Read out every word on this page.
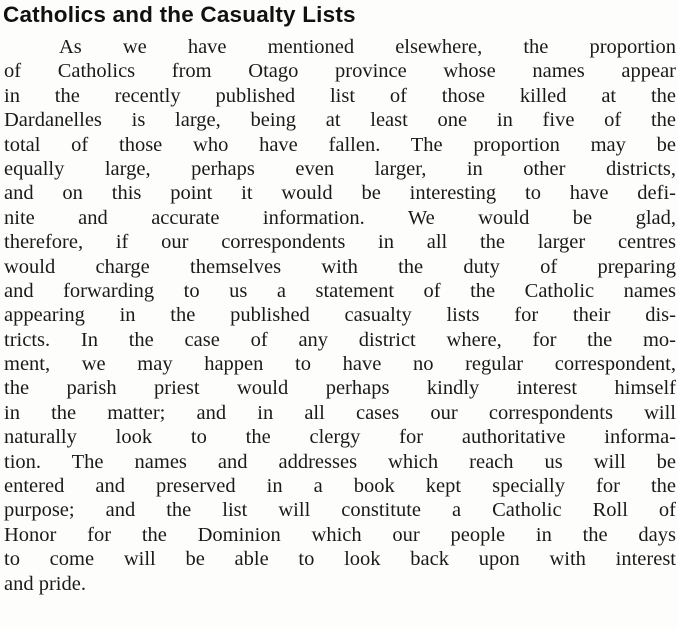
Catholics and the Casualty Lists
As we have mentioned elsewhere, the proportion
of Catholics from Otago province whose names appear
in the recently published list of those killed at the
Dardanelles is large, being at least one in five of the
total of those who have fallen. The proportion may be
equally large, perhaps even larger, in other districts,
and on this point it would be interesting to have defi-
nite and accurate information. We would be glad,
therefore, if our correspondents in all the larger centres
would charge themselves with the duty of preparing
and forwarding to us a statement of the Catholic names
appearing in the published casualty lists for their dis-
tricts. In the case of any district where, for the mo-
ment, we may happen to have no regular correspondent,
the parish priest would perhaps kindly interest himself
in the matter; and in all cases our correspondents will
naturally look to the clergy for authoritative informa-
tion. The names and addresses which reach us will be
entered and preserved in a book kept specially for the
purpose; and the list will constitute a Catholic Roll of
Honor for the Dominion which our people in the days
to come will be able to look back upon with interest
and pride.
